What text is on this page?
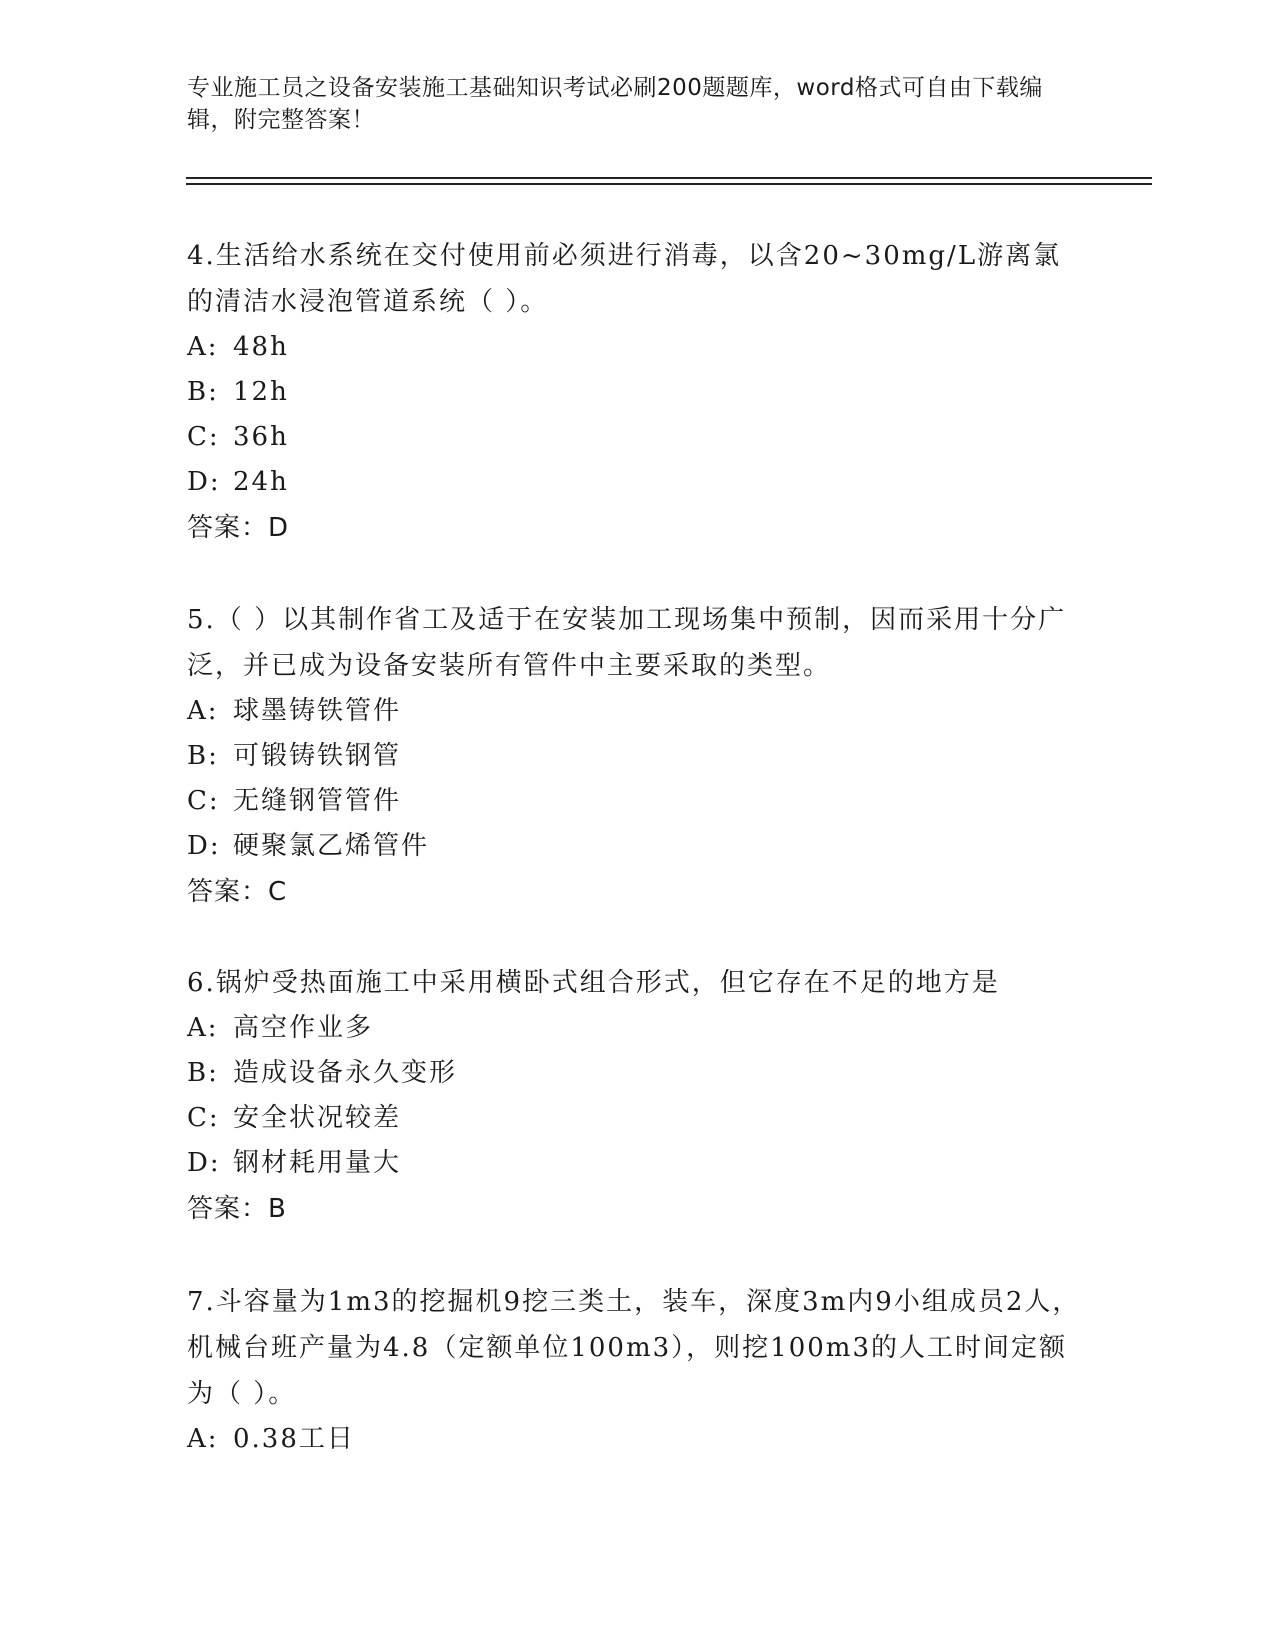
专业施工员之设备安装施工基础知识考试必刷200题题库，word格式可自由下载编辑，附完整答案！
4.生活给水系统在交付使用前必须进行消毒，以含20~30mg/L游离氯的清洁水浸泡管道系统（ ）。
A: 48h
B: 12h
C: 36h
D: 24h
答案：D
5.（ ）以其制作省工及适于在安装加工现场集中预制，因而采用十分广泛，并已成为设备安装所有管件中主要采取的类型。
A: 球墨铸铁管件
B: 可锻铸铁钢管
C: 无缝钢管管件
D: 硬聚氯乙烯管件
答案：C
6.锅炉受热面施工中采用横卧式组合形式，但它存在不足的地方是
A: 高空作业多
B: 造成设备永久变形
C: 安全状况较差
D: 钢材耗用量大
答案：B
7.斗容量为1m3的挖掘机9挖三类土，装车，深度3m内9小组成员2人，机械台班产量为4.8（定额单位100m3），则挖100m3的人工时间定额为（ ）。
A: 0.38工日
